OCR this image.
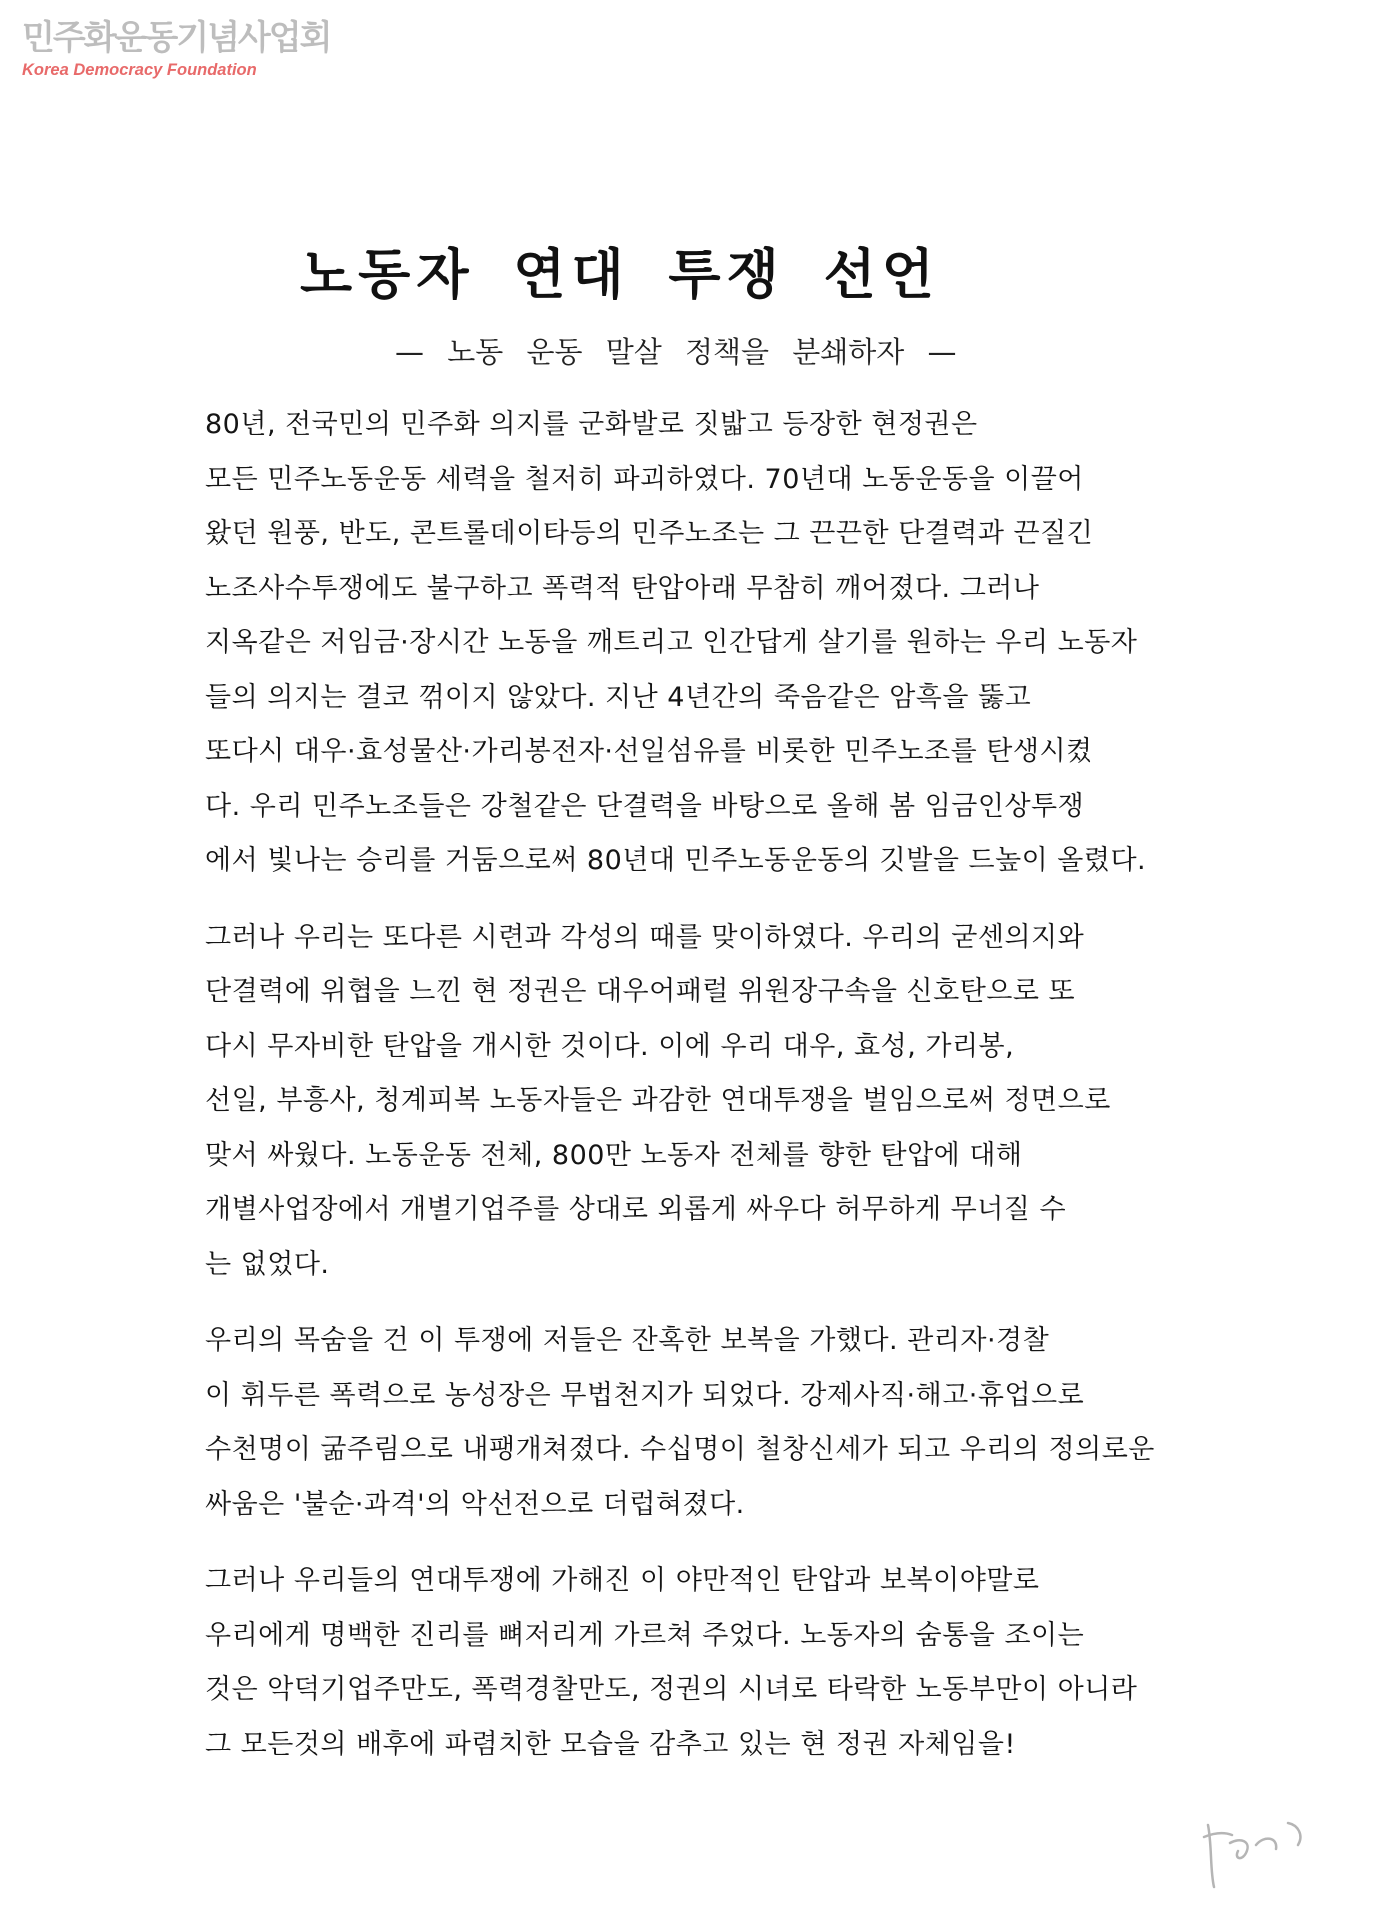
민주화운동기념사업회
Korea Democracy Foundation
노동자 연대 투쟁 선언
— 노동 운동 말살 정책을 분쇄하자 —
80년, 전국민의 민주화 의지를 군화발로 짓밟고 등장한 현정권은
모든 민주노동운동 세력을 철저히 파괴하였다. 70년대 노동운동을 이끌어
왔던 원풍, 반도, 콘트롤데이타등의 민주노조는 그 끈끈한 단결력과 끈질긴
노조사수투쟁에도 불구하고 폭력적 탄압아래 무참히 깨어졌다. 그러나
지옥같은 저임금·장시간 노동을 깨트리고 인간답게 살기를 원하는 우리 노동자
들의 의지는 결코 꺾이지 않았다. 지난 4년간의 죽음같은 암흑을 뚫고
또다시 대우·효성물산·가리봉전자·선일섬유를 비롯한 민주노조를 탄생시켰
다. 우리 민주노조들은 강철같은 단결력을 바탕으로 올해 봄 임금인상투쟁
에서 빛나는 승리를 거둠으로써 80년대 민주노동운동의 깃발을 드높이 올렸다.
그러나 우리는 또다른 시련과 각성의 때를 맞이하였다. 우리의 굳센의지와
단결력에 위협을 느낀 현 정권은 대우어패럴 위원장구속을 신호탄으로 또
다시 무자비한 탄압을 개시한 것이다. 이에 우리 대우, 효성, 가리봉,
선일, 부흥사, 청계피복 노동자들은 과감한 연대투쟁을 벌임으로써 정면으로
맞서 싸웠다. 노동운동 전체, 800만 노동자 전체를 향한 탄압에 대해
개별사업장에서 개별기업주를 상대로 외롭게 싸우다 허무하게 무너질 수
는 없었다.
우리의 목숨을 건 이 투쟁에 저들은 잔혹한 보복을 가했다. 관리자·경찰
이 휘두른 폭력으로 농성장은 무법천지가 되었다. 강제사직·해고·휴업으로
수천명이 굶주림으로 내팽개쳐졌다. 수십명이 철창신세가 되고 우리의 정의로운
싸움은 '불순·과격'의 악선전으로 더럽혀졌다.
그러나 우리들의 연대투쟁에 가해진 이 야만적인 탄압과 보복이야말로
우리에게 명백한 진리를 뼈저리게 가르쳐 주었다. 노동자의 숨통을 조이는
것은 악덕기업주만도, 폭력경찰만도, 정권의 시녀로 타락한 노동부만이 아니라
그 모든것의 배후에 파렴치한 모습을 감추고 있는 현 정권 자체임을!
